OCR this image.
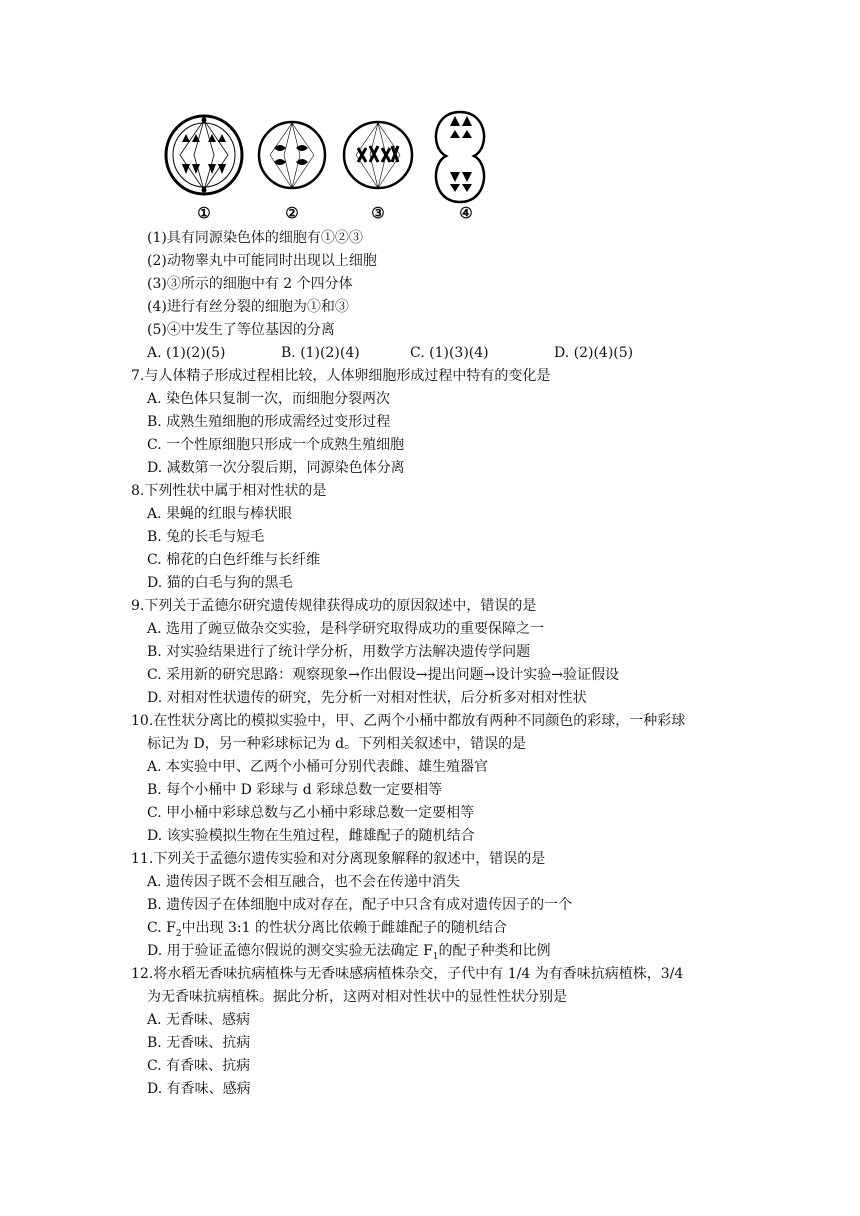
①	②	③	④
(1)具有同源染色体的细胞有①②③
(2)动物睾丸中可能同时出现以上细胞
(3)③所示的细胞中有 2 个四分体
(4)进行有丝分裂的细胞为①和③
(5)④中发生了等位基因的分离
A. (1)(2)(5)	B. (1)(2)(4)	C. (1)(3)(4)	D. (2)(4)(5)
7.与人体精子形成过程相比较，人体卵细胞形成过程中特有的变化是
A. 染色体只复制一次，而细胞分裂两次
B. 成熟生殖细胞的形成需经过变形过程
C. 一个性原细胞只形成一个成熟生殖细胞
D. 减数第一次分裂后期，同源染色体分离
8.下列性状中属于相对性状的是
A. 果蝇的红眼与棒状眼
B. 兔的长毛与短毛
C. 棉花的白色纤维与长纤维
D. 猫的白毛与狗的黑毛
9.下列关于孟德尔研究遗传规律获得成功的原因叙述中，错误的是
A. 选用了豌豆做杂交实验，是科学研究取得成功的重要保障之一
B. 对实验结果进行了统计学分析，用数学方法解决遗传学问题
C. 采用新的研究思路：观察现象→作出假设→提出问题→设计实验→验证假设
D. 对相对性状遗传的研究，先分析一对相对性状，后分析多对相对性状
10.在性状分离比的模拟实验中，甲、乙两个小桶中都放有两种不同颜色的彩球，一种彩球
标记为 D，另一种彩球标记为 d。下列相关叙述中，错误的是
A. 本实验中甲、乙两个小桶可分别代表雌、雄生殖器官
B. 每个小桶中 D 彩球与 d 彩球总数一定要相等
C. 甲小桶中彩球总数与乙小桶中彩球总数一定要相等
D. 该实验模拟生物在生殖过程，雌雄配子的随机结合
11.下列关于孟德尔遗传实验和对分离现象解释的叙述中，错误的是
A. 遗传因子既不会相互融合，也不会在传递中消失
B. 遗传因子在体细胞中成对存在，配子中只含有成对遗传因子的一个
C. $F_2$中出现 3:1 的性状分离比依赖于雌雄配子的随机结合
D. 用于验证孟德尔假说的测交实验无法确定 $F_1$的配子种类和比例
12.将水稻无香味抗病植株与无香味感病植株杂交，子代中有 1/4 为有香味抗病植株，3/4
为无香味抗病植株。据此分析，这两对相对性状中的显性性状分别是
A. 无香味、感病
B. 无香味、抗病
C. 有香味、抗病
D. 有香味、感病
